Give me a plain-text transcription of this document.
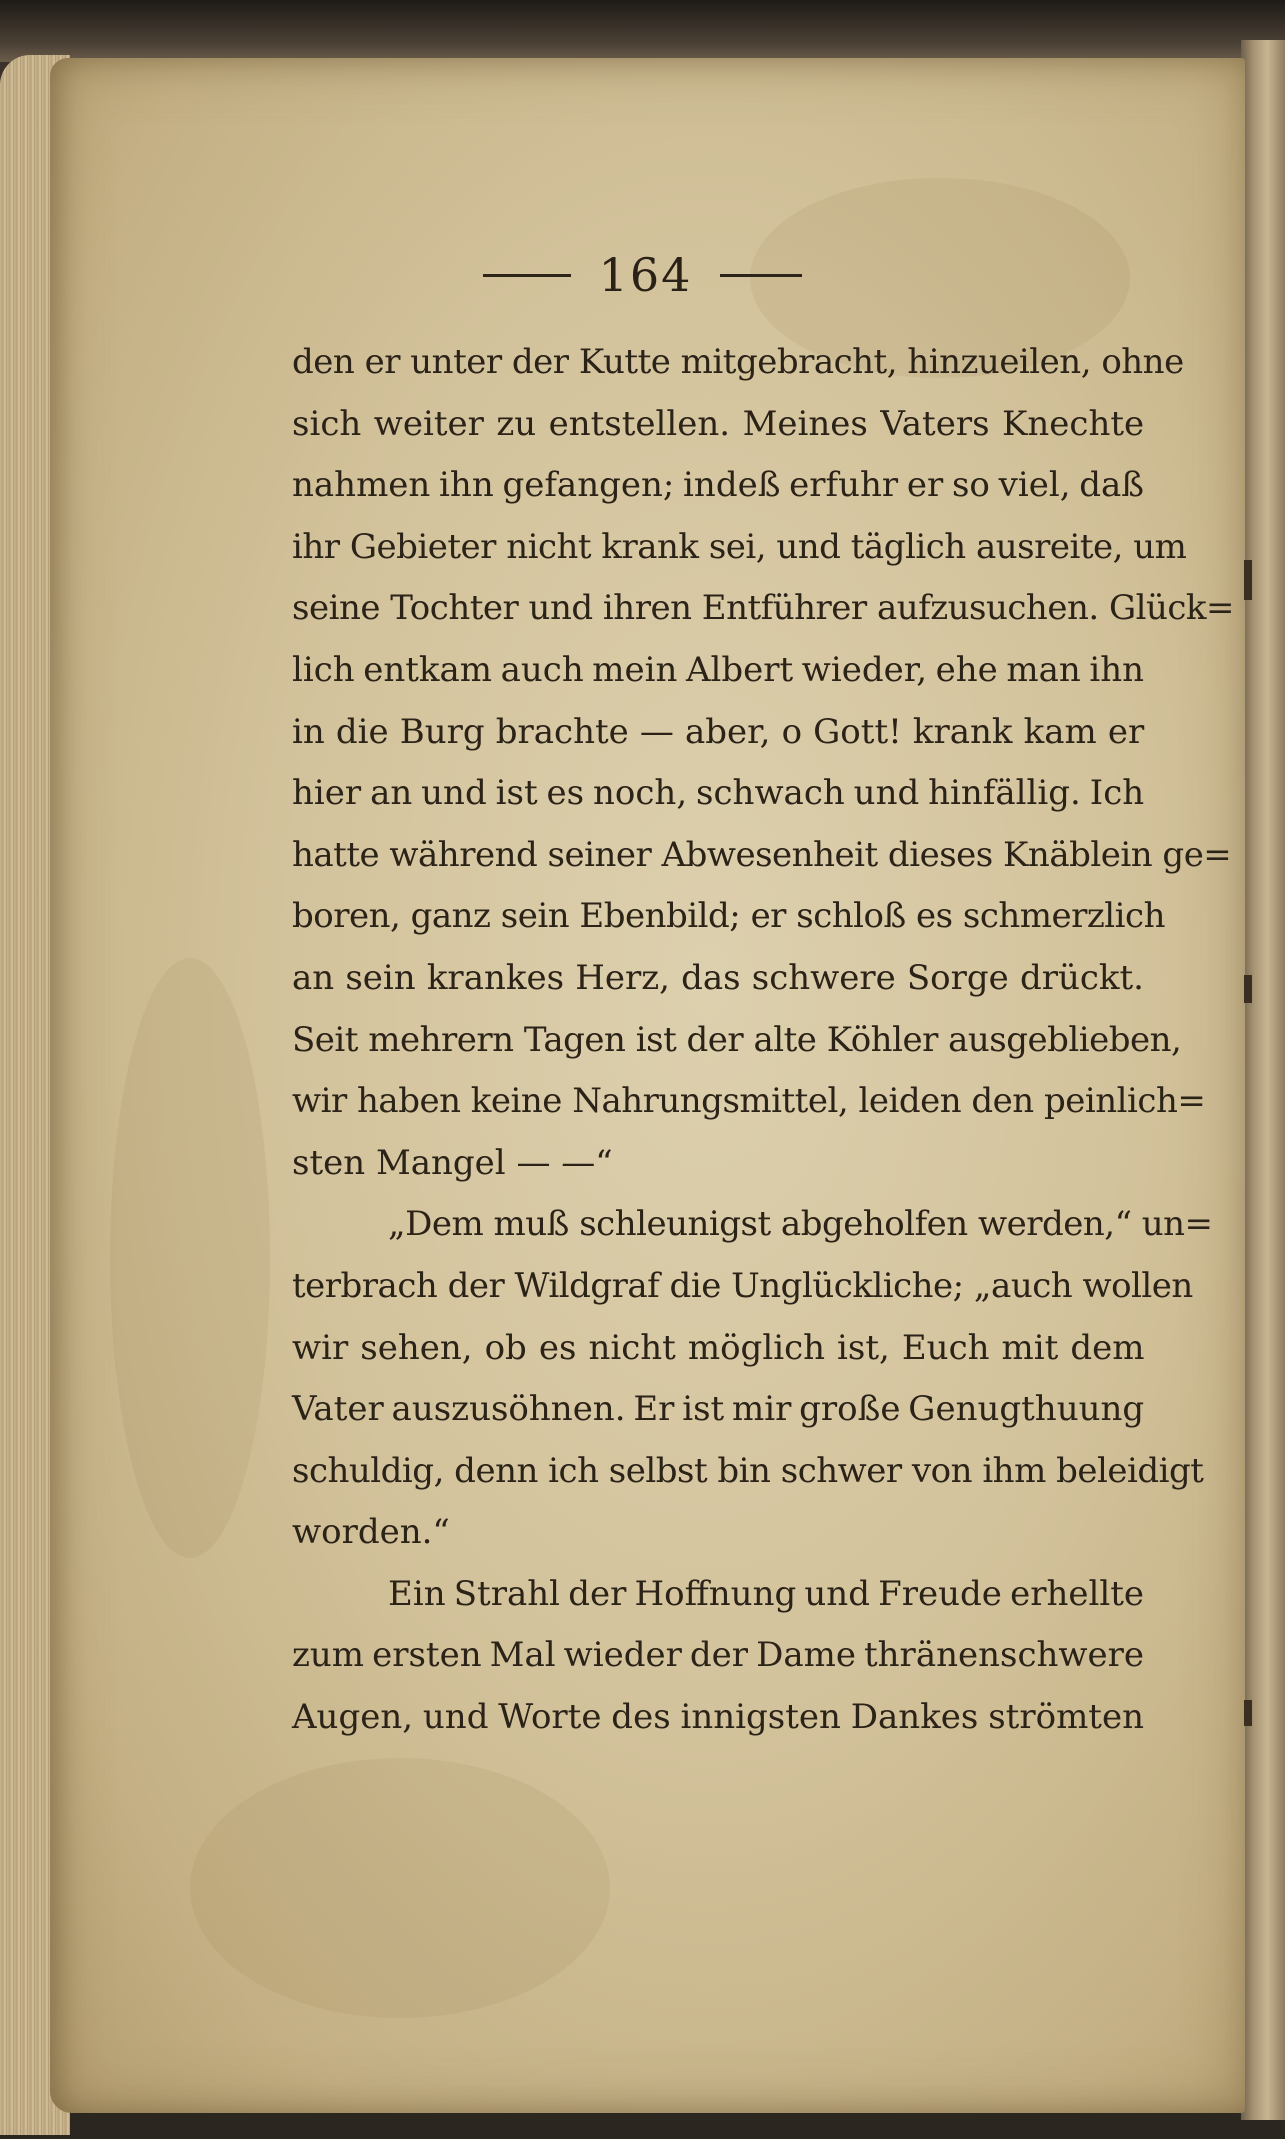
164
den er unter der Kutte mitgebracht, hinzueilen, ohne
sich weiter zu entstellen. Meines Vaters Knechte
nahmen ihn gefangen; indeß erfuhr er so viel, daß
ihr Gebieter nicht krank sei, und täglich ausreite, um
seine Tochter und ihren Entführer aufzusuchen. Glück=
lich entkam auch mein Albert wieder, ehe man ihn
in die Burg brachte — aber, o Gott! krank kam er
hier an und ist es noch, schwach und hinfällig. Ich
hatte während seiner Abwesenheit dieses Knäblein ge=
boren, ganz sein Ebenbild; er schloß es schmerzlich
an sein krankes Herz, das schwere Sorge drückt.
Seit mehrern Tagen ist der alte Köhler ausgeblieben,
wir haben keine Nahrungsmittel, leiden den peinlich=
sten Mangel — —“
„Dem muß schleunigst abgeholfen werden,“ un=
terbrach der Wildgraf die Unglückliche; „auch wollen
wir sehen, ob es nicht möglich ist, Euch mit dem
Vater auszusöhnen. Er ist mir große Genugthuung
schuldig, denn ich selbst bin schwer von ihm beleidigt
worden.“
Ein Strahl der Hoffnung und Freude erhellte
zum ersten Mal wieder der Dame thränenschwere
Augen, und Worte des innigsten Dankes strömten
